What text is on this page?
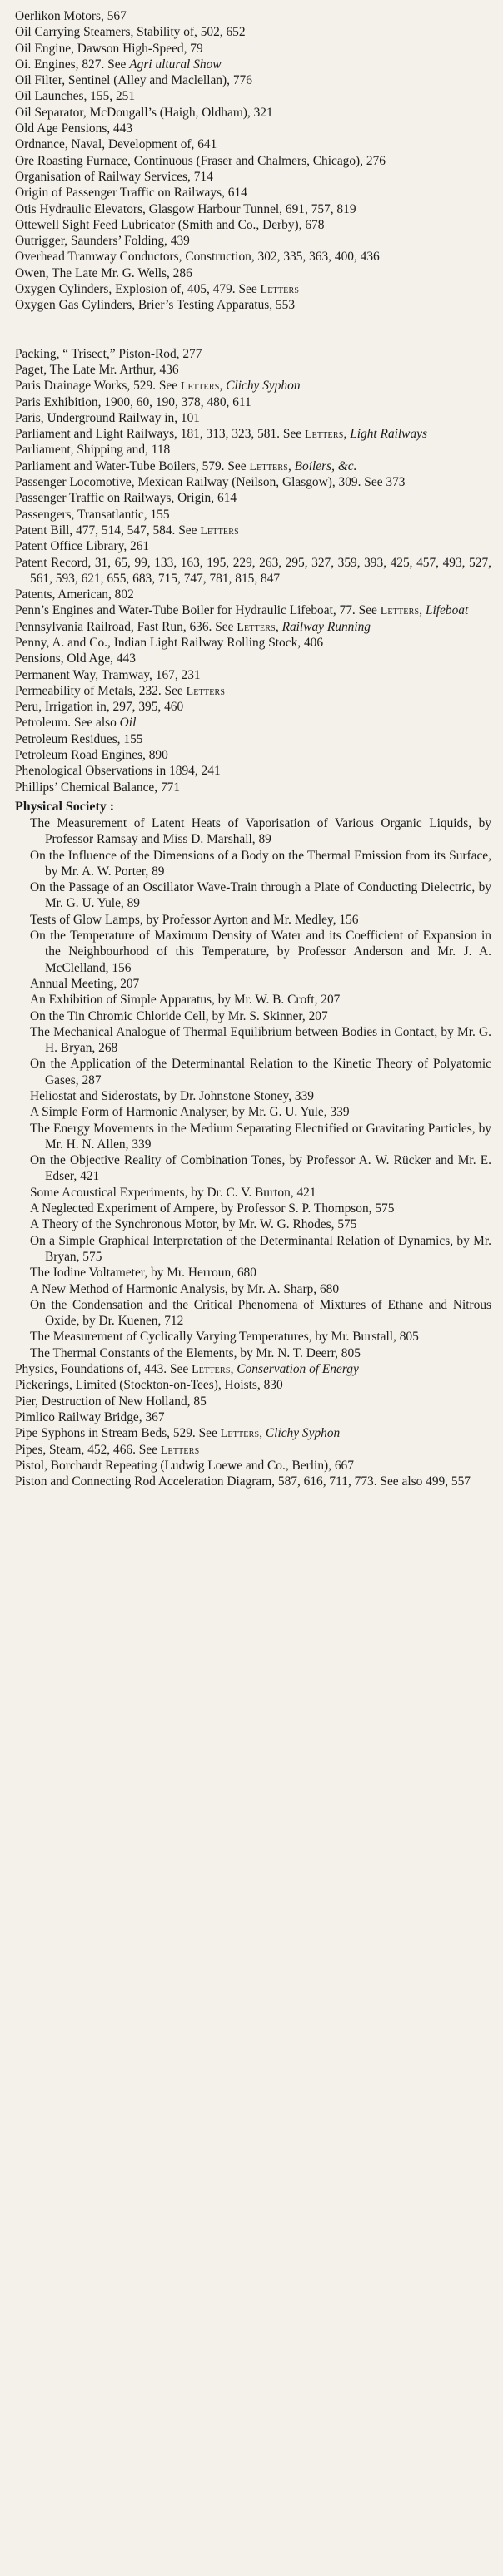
Oerlikon Motors, 567

Oil Carrying Steamers, Stability of, 502, 652

Oil Engine, Dawson High-Speed, 79

Oi. Engines, 827. See Agri ultural Show

Oil Filter, Sentinel (Alley and Maclellan), 776

Oil Launches, 155, 251

Oil Separator, McDougall’s (Haigh, Oldham), 321

Old Age Pensions, 443

Ordnance, Naval, Development of, 641

Ore Roasting Furnace, Continuous (Fraser and Chalmers, Chicago), 276

Organisation of Railway Services, 714

Origin of Passenger Traffic on Railways, 614

Otis Hydraulic Elevators, Glasgow Harbour Tunnel, 691, 757, 819

Ottewell Sight Feed Lubricator (Smith and Co., Derby), 678

Outrigger, Saunders’ Folding, 439

Overhead Tramway Conductors, Construction, 302, 335, 363, 400, 436

Owen, The Late Mr. G. Wells, 286

Oxygen Cylinders, Explosion of, 405, 479. See Letters

Oxygen Gas Cylinders, Brier’s Testing Apparatus, 553

Packing, “ Trisect,” Piston-Rod, 277

Paget, The Late Mr. Arthur, 436

Paris Drainage Works, 529. See Letters, Clichy Syphon

Paris Exhibition, 1900, 60, 190, 378, 480, 611

Paris, Underground Railway in, 101

Parliament and Light Railways, 181, 313, 323, 581. See Letters, Light Railways

Parliament, Shipping and, 118

Parliament and Water-Tube Boilers, 579. See Letters, Boilers, &c.

Passenger Locomotive, Mexican Railway (Neilson, Glasgow), 309. See 373

Passenger Traffic on Railways, Origin, 614

Passengers, Transatlantic, 155

Patent Bill, 477, 514, 547, 584. See Letters

Patent Office Library, 261

Patent Record, 31, 65, 99, 133, 163, 195, 229, 263, 295, 327, 359, 393, 425, 457, 493, 527, 561, 593, 621, 655, 683, 715, 747, 781, 815, 847

Patents, American, 802

Penn’s Engines and Water-Tube Boiler for Hydraulic Lifeboat, 77. See Letters, Lifeboat

Pennsylvania Railroad, Fast Run, 636. See Letters, Railway Running

Penny, A. and Co., Indian Light Railway Rolling Stock, 406

Pensions, Old Age, 443

Permanent Way, Tramway, 167, 231

Permeability of Metals, 232. See Letters

Peru, Irrigation in, 297, 395, 460

Petroleum. See also Oil

Petroleum Residues, 155

Petroleum Road Engines, 890

Phenological Observations in 1894, 241

Phillips’ Chemical Balance, 771

Physical Society :

The Measurement of Latent Heats of Vaporisation of Various Organic Liquids, by Professor Ramsay and Miss D. Marshall, 89

On the Influence of the Dimensions of a Body on the Thermal Emission from its Surface, by Mr. A. W. Porter, 89

On the Passage of an Oscillator Wave-Train through a Plate of Conducting Dielectric, by Mr. G. U. Yule, 89

Tests of Glow Lamps, by Professor Ayrton and Mr. Medley, 156

On the Temperature of Maximum Density of Water and its Coefficient of Expansion in the Neighbourhood of this Temperature, by Professor Anderson and Mr. J. A. McClelland, 156

Annual Meeting, 207

An Exhibition of Simple Apparatus, by Mr. W. B. Croft, 207

On the Tin Chromic Chloride Cell, by Mr. S. Skinner, 207

The Mechanical Analogue of Thermal Equilibrium between Bodies in Contact, by Mr. G. H. Bryan, 268

On the Application of the Determinantal Relation to the Kinetic Theory of Polyatomic Gases, 287

Heliostat and Siderostats, by Dr. Johnstone Stoney, 339

A Simple Form of Harmonic Analyser, by Mr. G. U. Yule, 339

The Energy Movements in the Medium Separating Electrified or Gravitating Particles, by Mr. H. N. Allen, 339

On the Objective Reality of Combination Tones, by Professor A. W. Rücker and Mr. E. Edser, 421

Some Acoustical Experiments, by Dr. C. V. Burton, 421

A Neglected Experiment of Ampere, by Professor S. P. Thompson, 575

A Theory of the Synchronous Motor, by Mr. W. G. Rhodes, 575

On a Simple Graphical Interpretation of the Determinantal Relation of Dynamics, by Mr. Bryan, 575

The Iodine Voltameter, by Mr. Herroun, 680

A New Method of Harmonic Analysis, by Mr. A. Sharp, 680

On the Condensation and the Critical Phenomena of Mixtures of Ethane and Nitrous Oxide, by Dr. Kuenen, 712

The Measurement of Cyclically Varying Temperatures, by Mr. Burstall, 805

The Thermal Constants of the Elements, by Mr. N. T. Deerr, 805

Physics, Foundations of, 443. See Letters, Conservation of Energy

Pickerings, Limited (Stockton-on-Tees), Hoists, 830

Pier, Destruction of New Holland, 85

Pimlico Railway Bridge, 367

Pipe Syphons in Stream Beds, 529. See Letters, Clichy Syphon

Pipes, Steam, 452, 466. See Letters

Pistol, Borchardt Repeating (Ludwig Loewe and Co., Berlin), 667

Piston and Connecting Rod Acceleration Diagram, 587, 616, 711, 773. See also 499, 557
